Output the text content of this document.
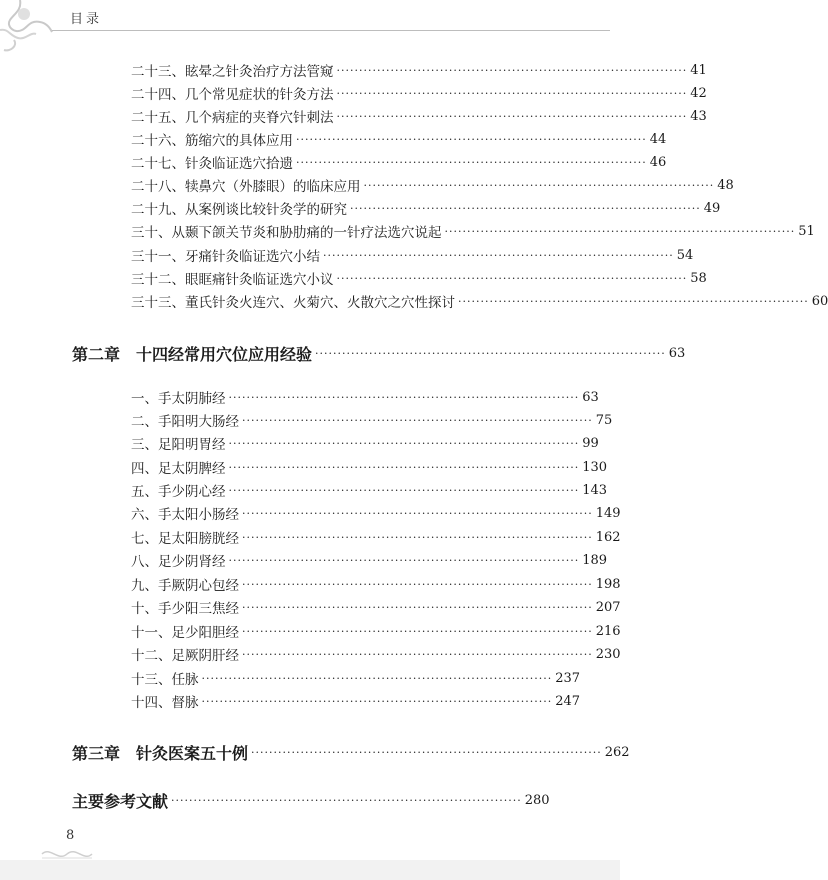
目录
二十三、眩晕之针灸治疗方法管窥 ·············································································· 41
二十四、几个常见症状的针灸方法 ·············································································· 42
二十五、几个病症的夹脊穴针刺法 ·············································································· 43
二十六、筋缩穴的具体应用 ·············································································· 44
二十七、针灸临证选穴拾遗 ·············································································· 46
二十八、犊鼻穴（外膝眼）的临床应用 ·············································································· 48
二十九、从案例谈比较针灸学的研究 ·············································································· 49
三十、从颞下颌关节炎和胁肋痛的一针疗法选穴说起 ·············································································· 51
三十一、牙痛针灸临证选穴小结 ·············································································· 54
三十二、眼眶痛针灸临证选穴小议 ·············································································· 58
三十三、董氏针灸火连穴、火菊穴、火散穴之穴性探讨 ·············································································· 60
第二章　十四经常用穴位应用经验 ·············································································· 63
一、手太阴肺经 ·············································································· 63
二、手阳明大肠经 ·············································································· 75
三、足阳明胃经 ·············································································· 99
四、足太阴脾经 ·············································································· 130
五、手少阴心经 ·············································································· 143
六、手太阳小肠经 ·············································································· 149
七、足太阳膀胱经 ·············································································· 162
八、足少阴肾经 ·············································································· 189
九、手厥阴心包经 ·············································································· 198
十、手少阳三焦经 ·············································································· 207
十一、足少阳胆经 ·············································································· 216
十二、足厥阴肝经 ·············································································· 230
十三、任脉 ·············································································· 237
十四、督脉 ·············································································· 247
第三章　针灸医案五十例 ·············································································· 262
主要参考文献 ·············································································· 280
8
